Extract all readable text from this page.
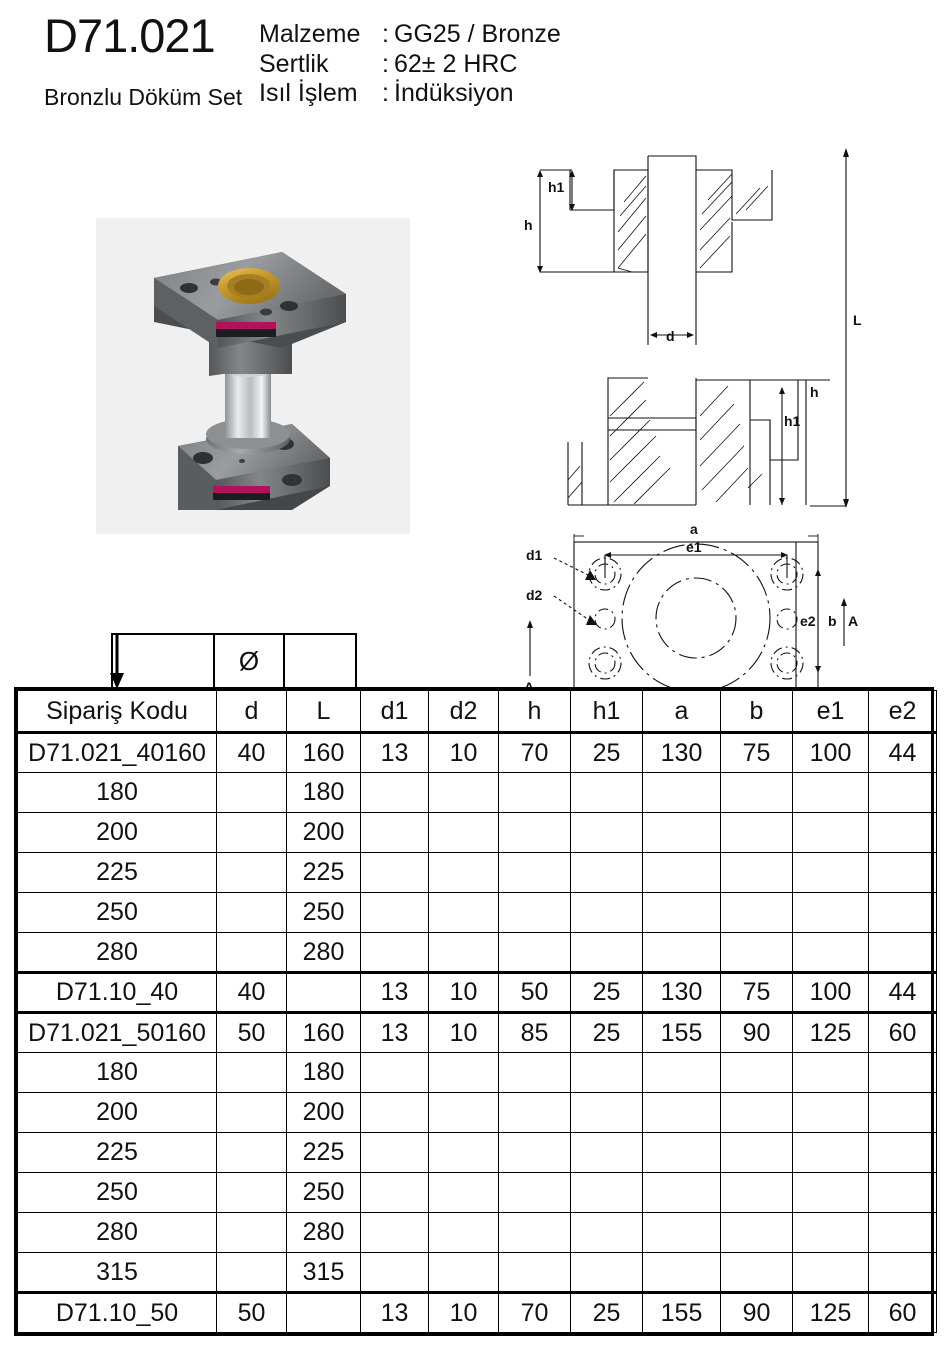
D71.021
Bronzlu Döküm Set
Malzeme : GG25 / Bronze
Sertlik : 62± 2 HRC
Isıl İşlem : İndüksiyon
h1
h
d
L
h
h1
a
e1
d1
d2
e2 b A
Ø
Sipariş Kodu	d	L	d1	d2	h	h1	a	b	e1	e2
D71.021_40160	40	160	13	10	70	25	130	75	100	44
180		180								
200		200								
225		225								
250		250								
280		280								
D71.10_40	40		13	10	50	25	130	75	100	44
D71.021_50160	50	160	13	10	85	25	155	90	125	60
180		180								
200		200								
225		225								
250		250								
280		280								
315		315								
D71.10_50	50		13	10	70	25	155	90	125	60
